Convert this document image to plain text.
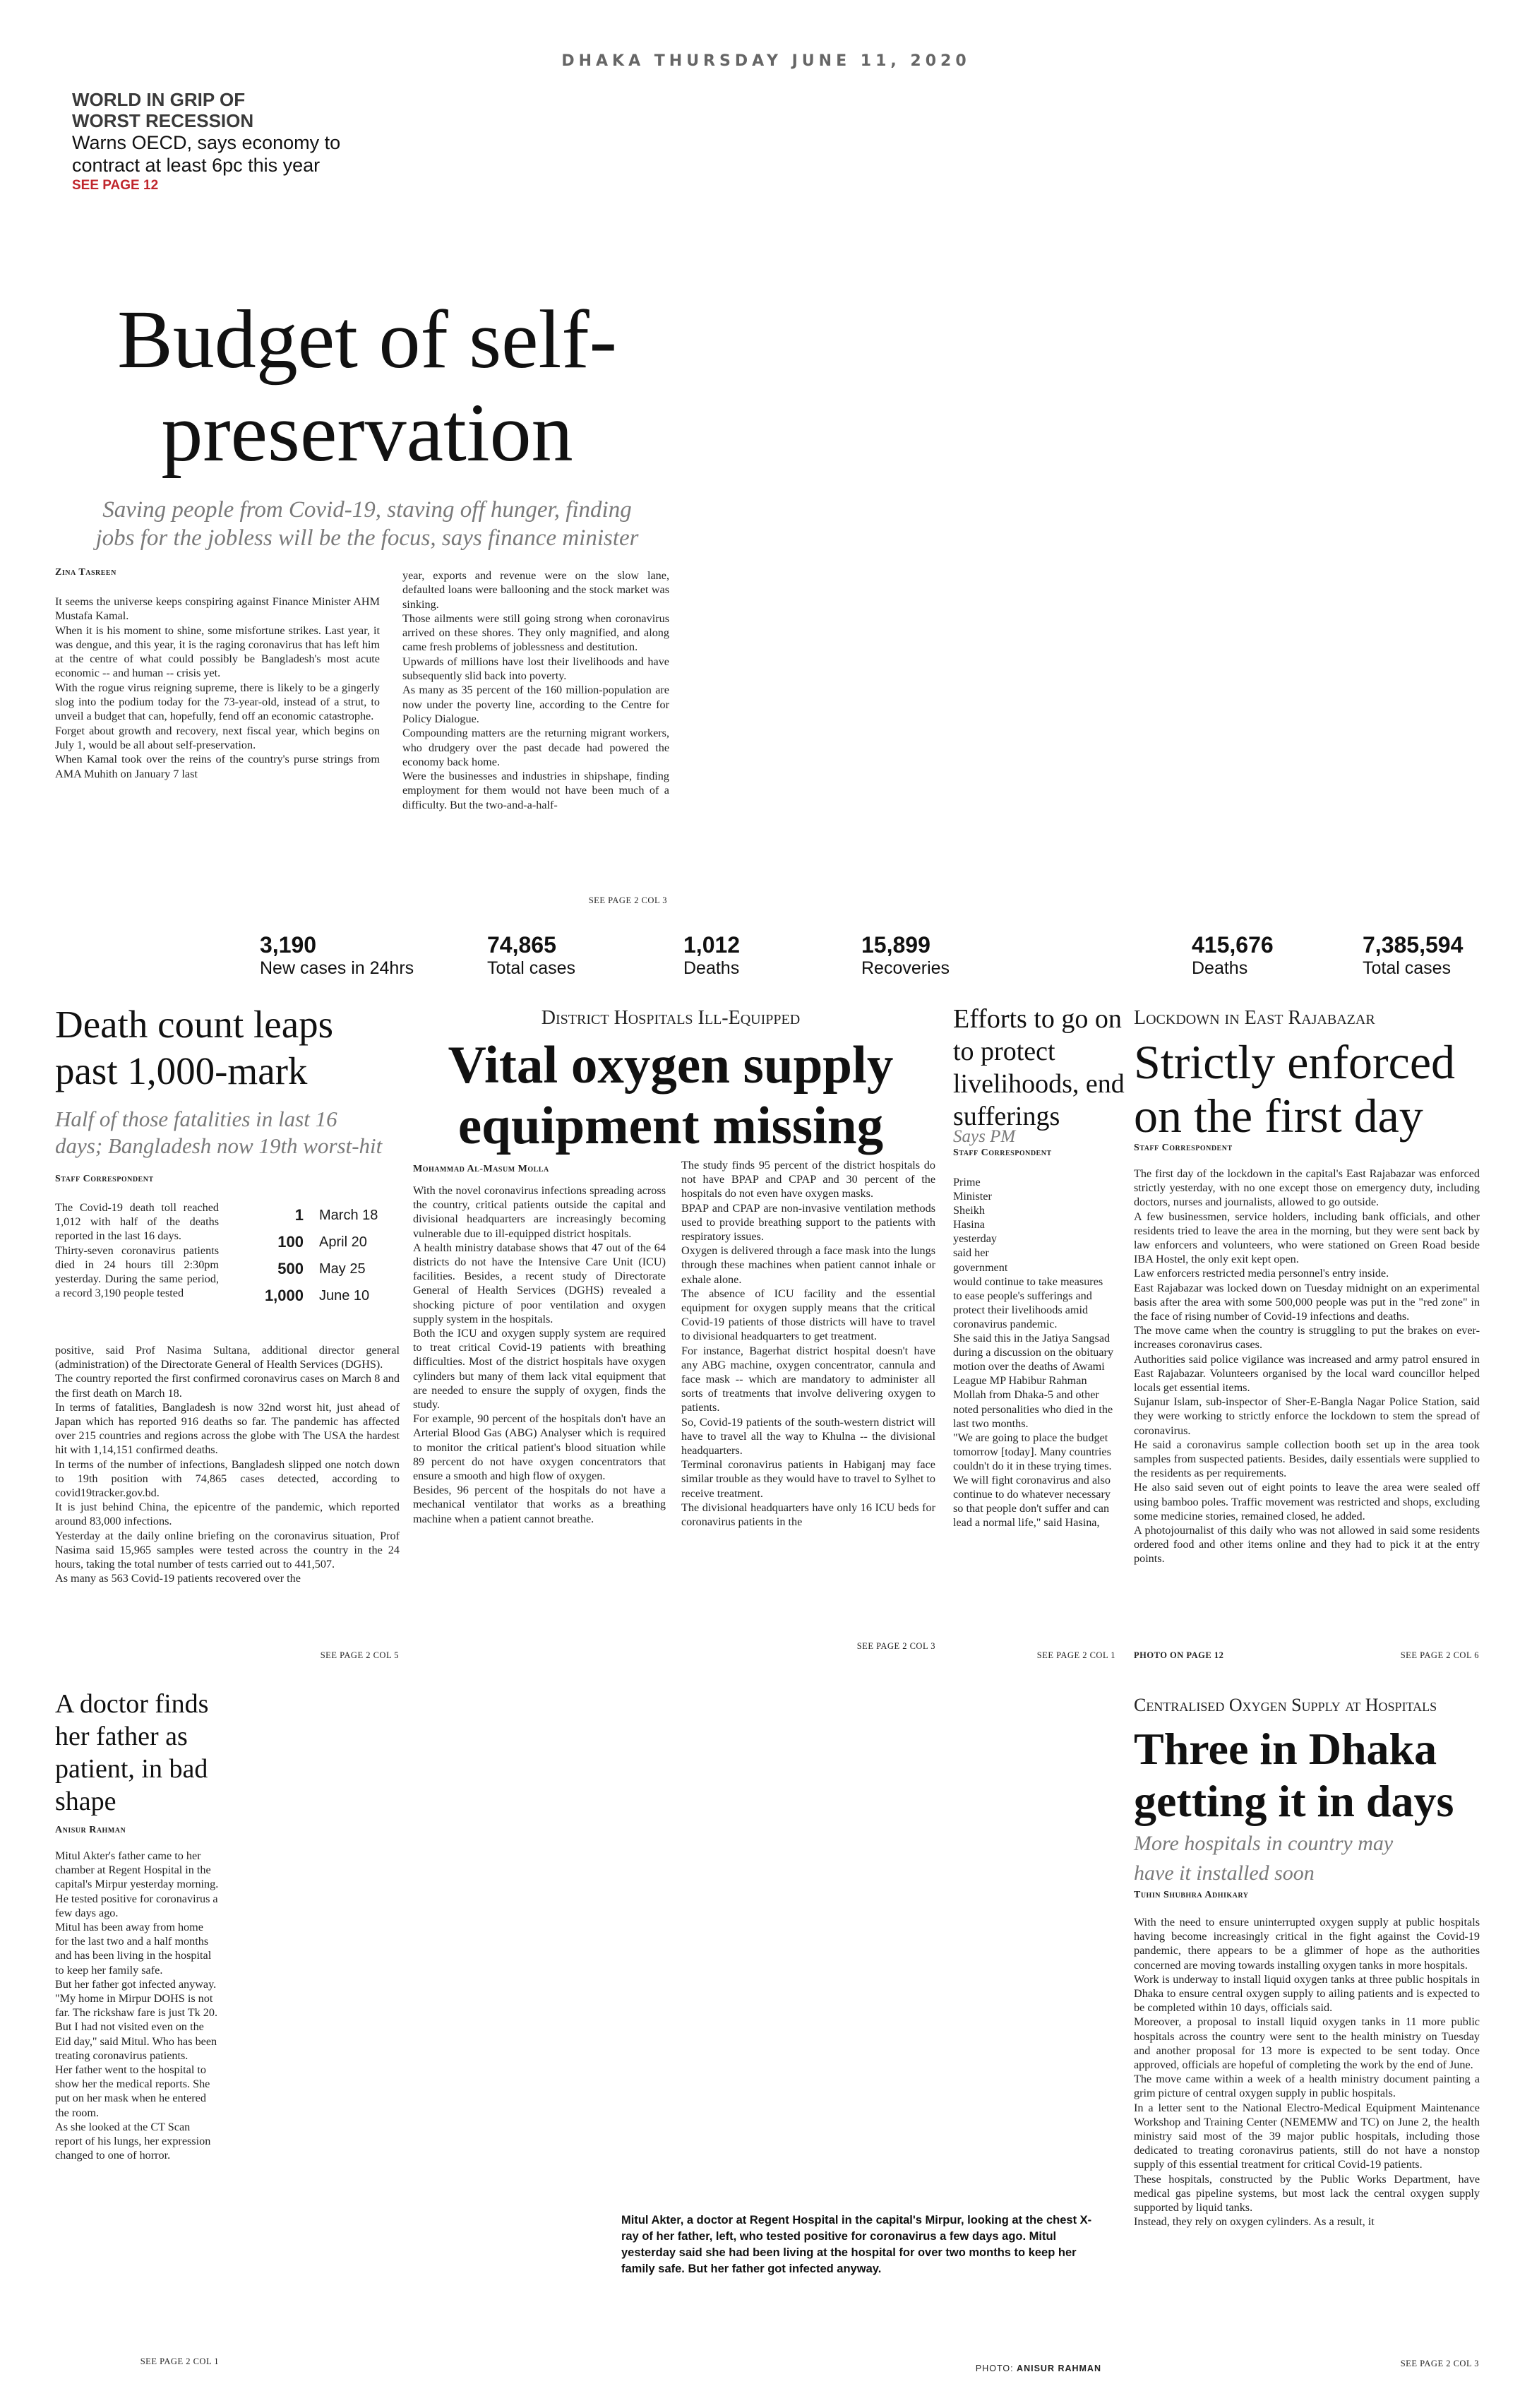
DHAKA THURSDAY JUNE 11, 2020
WORLD IN GRIP OF
WORST RECESSION
Warns OECD, says economy to contract at least 6pc this year
SEE PAGE 12
Budget of self-
preservation
Saving people from Covid-19, staving off hunger, finding
jobs for the jobless will be the focus, says finance minister
Zina Tasreen
It seems the universe keeps conspiring against Finance Minister AHM Mustafa Kamal.
When it is his moment to shine, some misfortune strikes. Last year, it was dengue, and this year, it is the raging coronavirus that has left him at the centre of what could possibly be Bangladesh's most acute economic -- and human -- crisis yet.
With the rogue virus reigning supreme, there is likely to be a gingerly slog into the podium today for the 73-year-old, instead of a strut, to unveil a budget that can, hopefully, fend off an economic catastrophe.
Forget about growth and recovery, next fiscal year, which begins on July 1, would be all about self-preservation.
When Kamal took over the reins of the country's purse strings from AMA Muhith on January 7 last
year, exports and revenue were on the slow lane, defaulted loans were ballooning and the stock market was sinking.
Those ailments were still going strong when coronavirus arrived on these shores. They only magnified, and along came fresh problems of joblessness and destitution.
Upwards of millions have lost their livelihoods and have subsequently slid back into poverty.
As many as 35 percent of the 160 million-population are now under the poverty line, according to the Centre for Policy Dialogue.
Compounding matters are the returning migrant workers, who drudgery over the past decade had powered the economy back home.
Were the businesses and industries in shipshape, finding employment for them would not have been much of a difficulty. But the two-and-a-half-
SEE PAGE 2 COL 3
3,190
New cases in 24hrs
74,865
Total cases
1,012
Deaths
15,899
Recoveries
415,676
Deaths
7,385,594
Total cases
Death count leaps
past 1,000-mark
Half of those fatalities in last 16
days; Bangladesh now 19th worst-hit
Staff Correspondent
The Covid-19 death toll reached 1,012 with half of the deaths reported in the last 16 days.
Thirty-seven coronavirus patients died in 24 hours till 2:30pm yesterday. During the same period, a record 3,190 people tested
1 March 18
100 April 20
500 May 25
1,000 June 10
positive, said Prof Nasima Sultana, additional director general (administration) of the Directorate General of Health Services (DGHS).
The country reported the first confirmed coronavirus cases on March 8 and the first death on March 18.
In terms of fatalities, Bangladesh is now 32nd worst hit, just ahead of Japan which has reported 916 deaths so far. The pandemic has affected over 215 countries and regions across the globe with The USA the hardest hit with 1,14,151 confirmed deaths.
In terms of the number of infections, Bangladesh slipped one notch down to 19th position with 74,865 cases detected, according to covid19tracker.gov.bd.
It is just behind China, the epicentre of the pandemic, which reported around 83,000 infections.
Yesterday at the daily online briefing on the coronavirus situation, Prof Nasima said 15,965 samples were tested across the country in the 24 hours, taking the total number of tests carried out to 441,507.
As many as 563 Covid-19 patients recovered over the
SEE PAGE 2 COL 5
District Hospitals Ill-Equipped
Vital oxygen supply
equipment missing
Mohammad Al-Masum Molla
With the novel coronavirus infections spreading across the country, critical patients outside the capital and divisional headquarters are increasingly becoming vulnerable due to ill-equipped district hospitals.
A health ministry database shows that 47 out of the 64 districts do not have the Intensive Care Unit (ICU) facilities. Besides, a recent study of Directorate General of Health Services (DGHS) revealed a shocking picture of poor ventilation and oxygen supply system in the hospitals.
Both the ICU and oxygen supply system are required to treat critical Covid-19 patients with breathing difficulties. Most of the district hospitals have oxygen cylinders but many of them lack vital equipment that are needed to ensure the supply of oxygen, finds the study.
For example, 90 percent of the hospitals don't have an Arterial Blood Gas (ABG) Analyser which is required to monitor the critical patient's blood situation while 89 percent do not have oxygen concentrators that ensure a smooth and high flow of oxygen.
Besides, 96 percent of the hospitals do not have a mechanical ventilator that works as a breathing machine when a patient cannot breathe.
The study finds 95 percent of the district hospitals do not have BPAP and CPAP and 30 percent of the hospitals do not even have oxygen masks.
BPAP and CPAP are non-invasive ventilation methods used to provide breathing support to the patients with respiratory issues.
Oxygen is delivered through a face mask into the lungs through these machines when patient cannot inhale or exhale alone.
The absence of ICU facility and the essential equipment for oxygen supply means that the critical Covid-19 patients of those districts will have to travel to divisional headquarters to get treatment.
For instance, Bagerhat district hospital doesn't have any ABG machine, oxygen concentrator, cannula and face mask -- which are mandatory to administer all sorts of treatments that involve delivering oxygen to patients.
So, Covid-19 patients of the south-western district will have to travel all the way to Khulna -- the divisional headquarters.
Terminal coronavirus patients in Habiganj may face similar trouble as they would have to travel to Sylhet to receive treatment.
The divisional headquarters have only 16 ICU beds for coronavirus patients in the
SEE PAGE 2 COL 3
Efforts to go on to protect livelihoods, end sufferings
Says PM
Staff Correspondent
Prime
Minister
Sheikh
Hasina
yesterday
said her
government
would continue to take measures to ease people's sufferings and protect their livelihoods amid coronavirus pandemic.
She said this in the Jatiya Sangsad during a discussion on the obituary motion over the deaths of Awami League MP Habibur Rahman Mollah from Dhaka-5 and other noted personalities who died in the last two months.
"We are going to place the budget tomorrow [today]. Many countries couldn't do it in these trying times. We will fight coronavirus and also continue to do whatever necessary so that people don't suffer and can lead a normal life," said Hasina,
SEE PAGE 2 COL 1
Lockdown in East Rajabazar
Strictly enforced
on the first day
Staff Correspondent
The first day of the lockdown in the capital's East Rajabazar was enforced strictly yesterday, with no one except those on emergency duty, including doctors, nurses and journalists, allowed to go outside.
A few businessmen, service holders, including bank officials, and other residents tried to leave the area in the morning, but they were sent back by law enforcers and volunteers, who were stationed on Green Road beside IBA Hostel, the only exit kept open.
Law enforcers restricted media personnel's entry inside.
East Rajabazar was locked down on Tuesday midnight on an experimental basis after the area with some 500,000 people was put in the "red zone" in the face of rising number of Covid-19 infections and deaths.
The move came when the country is struggling to put the brakes on ever-increases coronavirus cases.
Authorities said police vigilance was increased and army patrol ensured in East Rajabazar. Volunteers organised by the local ward councillor helped locals get essential items.
Sujanur Islam, sub-inspector of Sher-E-Bangla Nagar Police Station, said they were working to strictly enforce the lockdown to stem the spread of coronavirus.
He said a coronavirus sample collection booth set up in the area took samples from suspected patients. Besides, daily essentials were supplied to the residents as per requirements.
He also said seven out of eight points to leave the area were sealed off using bamboo poles. Traffic movement was restricted and shops, excluding some medicine stories, remained closed, he added.
A photojournalist of this daily who was not allowed in said some residents ordered food and other items online and they had to pick it at the entry points.
PHOTO ON PAGE 12	SEE PAGE 2 COL 6
A doctor finds her father as patient, in bad shape
Anisur Rahman
Mitul Akter's father came to her chamber at Regent Hospital in the capital's Mirpur yesterday morning. He tested positive for coronavirus a few days ago.
Mitul has been away from home for the last two and a half months and has been living in the hospital to keep her family safe.
But her father got infected anyway.
"My home in Mirpur DOHS is not far. The rickshaw fare is just Tk 20. But I had not visited even on the Eid day," said Mitul. Who has been treating coronavirus patients.
Her father went to the hospital to show her the medical reports. She put on her mask when he entered the room.
As she looked at the CT Scan report of his lungs, her expression changed to one of horror.
SEE PAGE 2 COL 1
Mitul Akter, a doctor at Regent Hospital in the capital's Mirpur, looking at the chest X-ray of her father, left, who tested positive for coronavirus a few days ago. Mitul yesterday said she had been living at the hospital for over two months to keep her family safe. But her father got infected anyway.
PHOTO: ANISUR RAHMAN
Centralised Oxygen Supply at Hospitals
Three in Dhaka
getting it in days
More hospitals in country may
have it installed soon
Tuhin Shubhra Adhikary
With the need to ensure uninterrupted oxygen supply at public hospitals having become increasingly critical in the fight against the Covid-19 pandemic, there appears to be a glimmer of hope as the authorities concerned are moving towards installing oxygen tanks in more hospitals.
Work is underway to install liquid oxygen tanks at three public hospitals in Dhaka to ensure central oxygen supply to ailing patients and is expected to be completed within 10 days, officials said.
Moreover, a proposal to install liquid oxygen tanks in 11 more public hospitals across the country were sent to the health ministry on Tuesday and another proposal for 13 more is expected to be sent today. Once approved, officials are hopeful of completing the work by the end of June.
The move came within a week of a health ministry document painting a grim picture of central oxygen supply in public hospitals.
In a letter sent to the National Electro-Medical Equipment Maintenance Workshop and Training Center (NEMEMW and TC) on June 2, the health ministry said most of the 39 major public hospitals, including those dedicated to treating coronavirus patients, still do not have a nonstop supply of this essential treatment for critical Covid-19 patients.
These hospitals, constructed by the Public Works Department, have medical gas pipeline systems, but most lack the central oxygen supply supported by liquid tanks.
Instead, they rely on oxygen cylinders. As a result, it
SEE PAGE 2 COL 3
